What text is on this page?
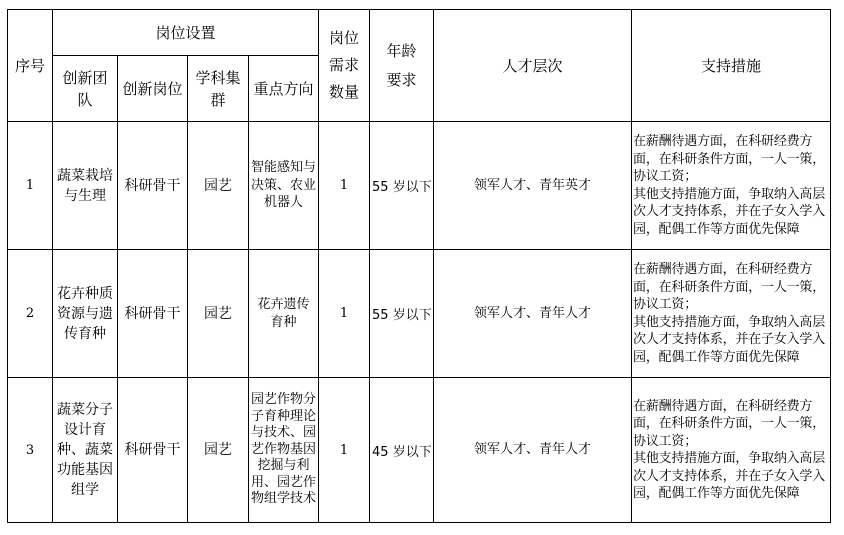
序号	岗位设置				岗位需求数量	年龄要求	人才层次	支持措施

	创新团队	创新岗位	学科集群	重点方向				
1	蔬菜栽培与生理	科研骨干	园艺	智能感知与决策、农业机器人	1	55 岁以下	领军人才、青年英才	在薪酬待遇方面，在科研经费方面，在科研条件方面，一人一策，协议工资；
其他支持措施方面，争取纳入高层次人才支持体系，并在子女入学入园，配偶工作等方面优先保障

2	花卉种质资源与遗传育种	科研骨干	园艺	花卉遗传育种	1	55 岁以下	领军人才、青年人才	在薪酬待遇方面，在科研经费方面，在科研条件方面，一人一策，协议工资；
其他支持措施方面，争取纳入高层次人才支持体系，并在子女入学入园，配偶工作等方面优先保障

3	蔬菜分子设计育种、蔬菜功能基因组学	科研骨干	园艺	园艺作物分子育种理论与技术、园艺作物基因挖掘与利用、园艺作物组学技术	1	45 岁以下	领军人才、青年人才	在薪酬待遇方面，在科研经费方面，在科研条件方面，一人一策，协议工资；
其他支持措施方面，争取纳入高层次人才支持体系，并在子女入学入园，配偶工作等方面优先保障
